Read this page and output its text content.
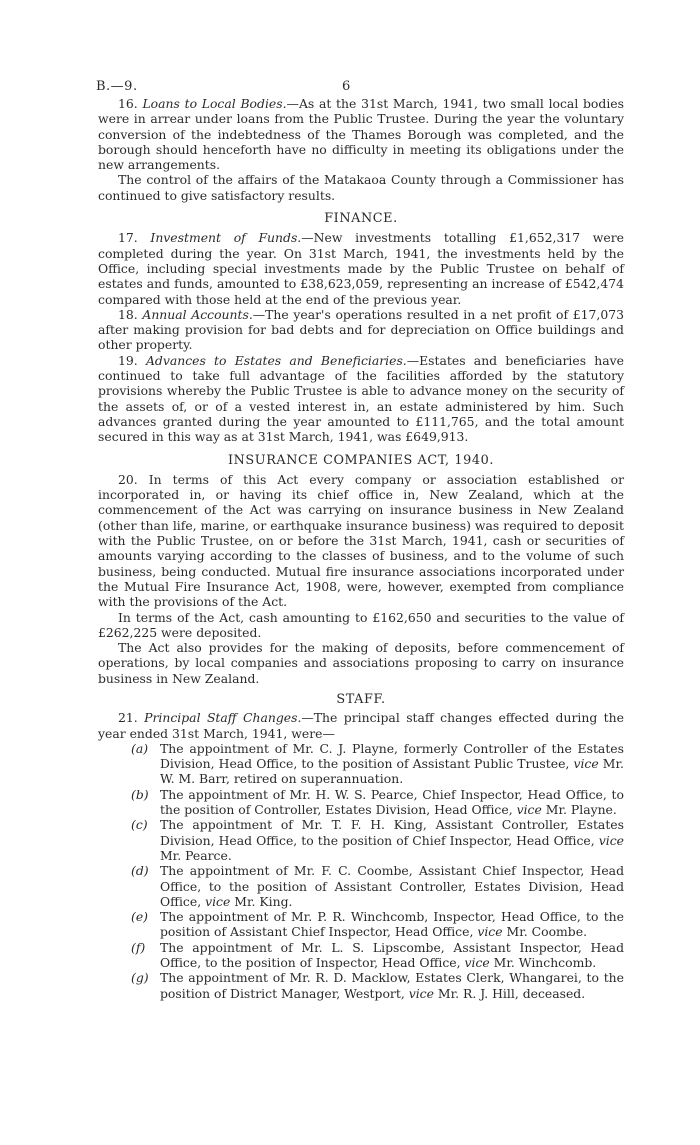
B.—9.	6

16. Loans to Local Bodies.—As at the 31st March, 1941, two small local bodies were in arrear under loans from the Public Trustee. During the year the voluntary conversion of the indebtedness of the Thames Borough was completed, and the borough should henceforth have no difficulty in meeting its obligations under the new arrangements.

The control of the affairs of the Matakaoa County through a Commissioner has continued to give satisfactory results.

FINANCE.

17. Investment of Funds.—New investments totalling £1,652,317 were completed during the year. On 31st March, 1941, the investments held by the Office, including special investments made by the Public Trustee on behalf of estates and funds, amounted to £38,623,059, representing an increase of £542,474 compared with those held at the end of the previous year.

18. Annual Accounts.—The year's operations resulted in a net profit of £17,073 after making provision for bad debts and for depreciation on Office buildings and other property.

19. Advances to Estates and Beneficiaries.—Estates and beneficiaries have continued to take full advantage of the facilities afforded by the statutory provisions whereby the Public Trustee is able to advance money on the security of the assets of, or of a vested interest in, an estate administered by him. Such advances granted during the year amounted to £111,765, and the total amount secured in this way as at 31st March, 1941, was £649,913.

INSURANCE COMPANIES ACT, 1940.

20. In terms of this Act every company or association established or incorporated in, or having its chief office in, New Zealand, which at the commencement of the Act was carrying on insurance business in New Zealand (other than life, marine, or earthquake insurance business) was required to deposit with the Public Trustee, on or before the 31st March, 1941, cash or securities of amounts varying according to the classes of business, and to the volume of such business, being conducted. Mutual fire insurance associations incorporated under the Mutual Fire Insurance Act, 1908, were, however, exempted from compliance with the provisions of the Act.

In terms of the Act, cash amounting to £162,650 and securities to the value of £262,225 were deposited.

The Act also provides for the making of deposits, before commencement of operations, by local companies and associations proposing to carry on insurance business in New Zealand.

STAFF.

21. Principal Staff Changes.—The principal staff changes effected during the year ended 31st March, 1941, were—

(a) The appointment of Mr. C. J. Playne, formerly Controller of the Estates Division, Head Office, to the position of Assistant Public Trustee, vice Mr. W. M. Barr, retired on superannuation.
(b) The appointment of Mr. H. W. S. Pearce, Chief Inspector, Head Office, to the position of Controller, Estates Division, Head Office, vice Mr. Playne.
(c) The appointment of Mr. T. F. H. King, Assistant Controller, Estates Division, Head Office, to the position of Chief Inspector, Head Office, vice Mr. Pearce.
(d) The appointment of Mr. F. C. Coombe, Assistant Chief Inspector, Head Office, to the position of Assistant Controller, Estates Division, Head Office, vice Mr. King.
(e) The appointment of Mr. P. R. Winchcomb, Inspector, Head Office, to the position of Assistant Chief Inspector, Head Office, vice Mr. Coombe.
(f) The appointment of Mr. L. S. Lipscombe, Assistant Inspector, Head Office, to the position of Inspector, Head Office, vice Mr. Winchcomb.
(g) The appointment of Mr. R. D. Macklow, Estates Clerk, Whangarei, to the position of District Manager, Westport, vice Mr. R. J. Hill, deceased.
